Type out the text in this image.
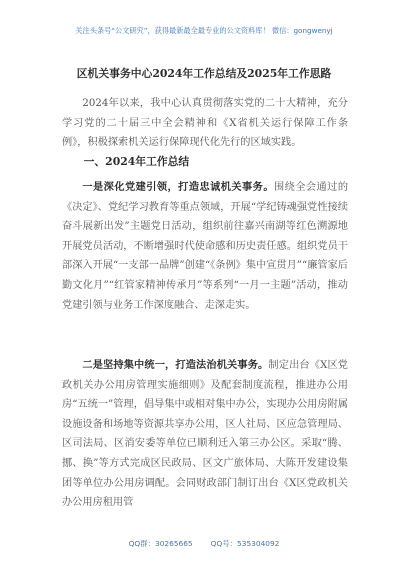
关注头条号“公文研究”，获得最新最全最专业的公文资料库！ 微信：gongwenyj
区机关事务中心2024年工作总结及2025年工作思路
2024年以来，我中心认真贯彻落实党的二十大精神，充分学习党的二十届三中全会精神和《X省机关运行保障工作条例》，积极探索机关运行保障现代化先行的区域实践。
一、2024年工作总结
一是深化党建引领，打造忠诚机关事务。围绕全会通过的《决定》、党纪学习教育等重点领域，开展“学纪铸魂强党性接续奋斗展新出发”主题党日活动，组织前往嘉兴南湖等红色溯源地开展党员活动，不断增强时代使命感和历史责任感。组织党员干部深入开展“一支部一品牌”创建“《条例》集中宣贯月”“廉管家后勤文化月”“红管家精神传承月”等系列“一月一主题”活动，推动党建引领与业务工作深度融合、走深走实。
二是坚持集中统一，打造法治机关事务。制定出台《X区党政机关办公用房管理实施细则》及配套制度流程，推进办公用房“五统一”管理，倡导集中或相对集中办公，实现办公用房附属设施设备和场地等资源共享办公用，区人社局、区应急管理局、区司法局、区消安委等单位已顺利迁入第三办公区。采取“腾、挪、换”等方式完成区民政局、区文广旅体局、大陈开发建设集团等单位办公用房调配。会同财政部门制订出台《X区党政机关办公用房租用管
QQ群：30265665 QQ号：535304092
